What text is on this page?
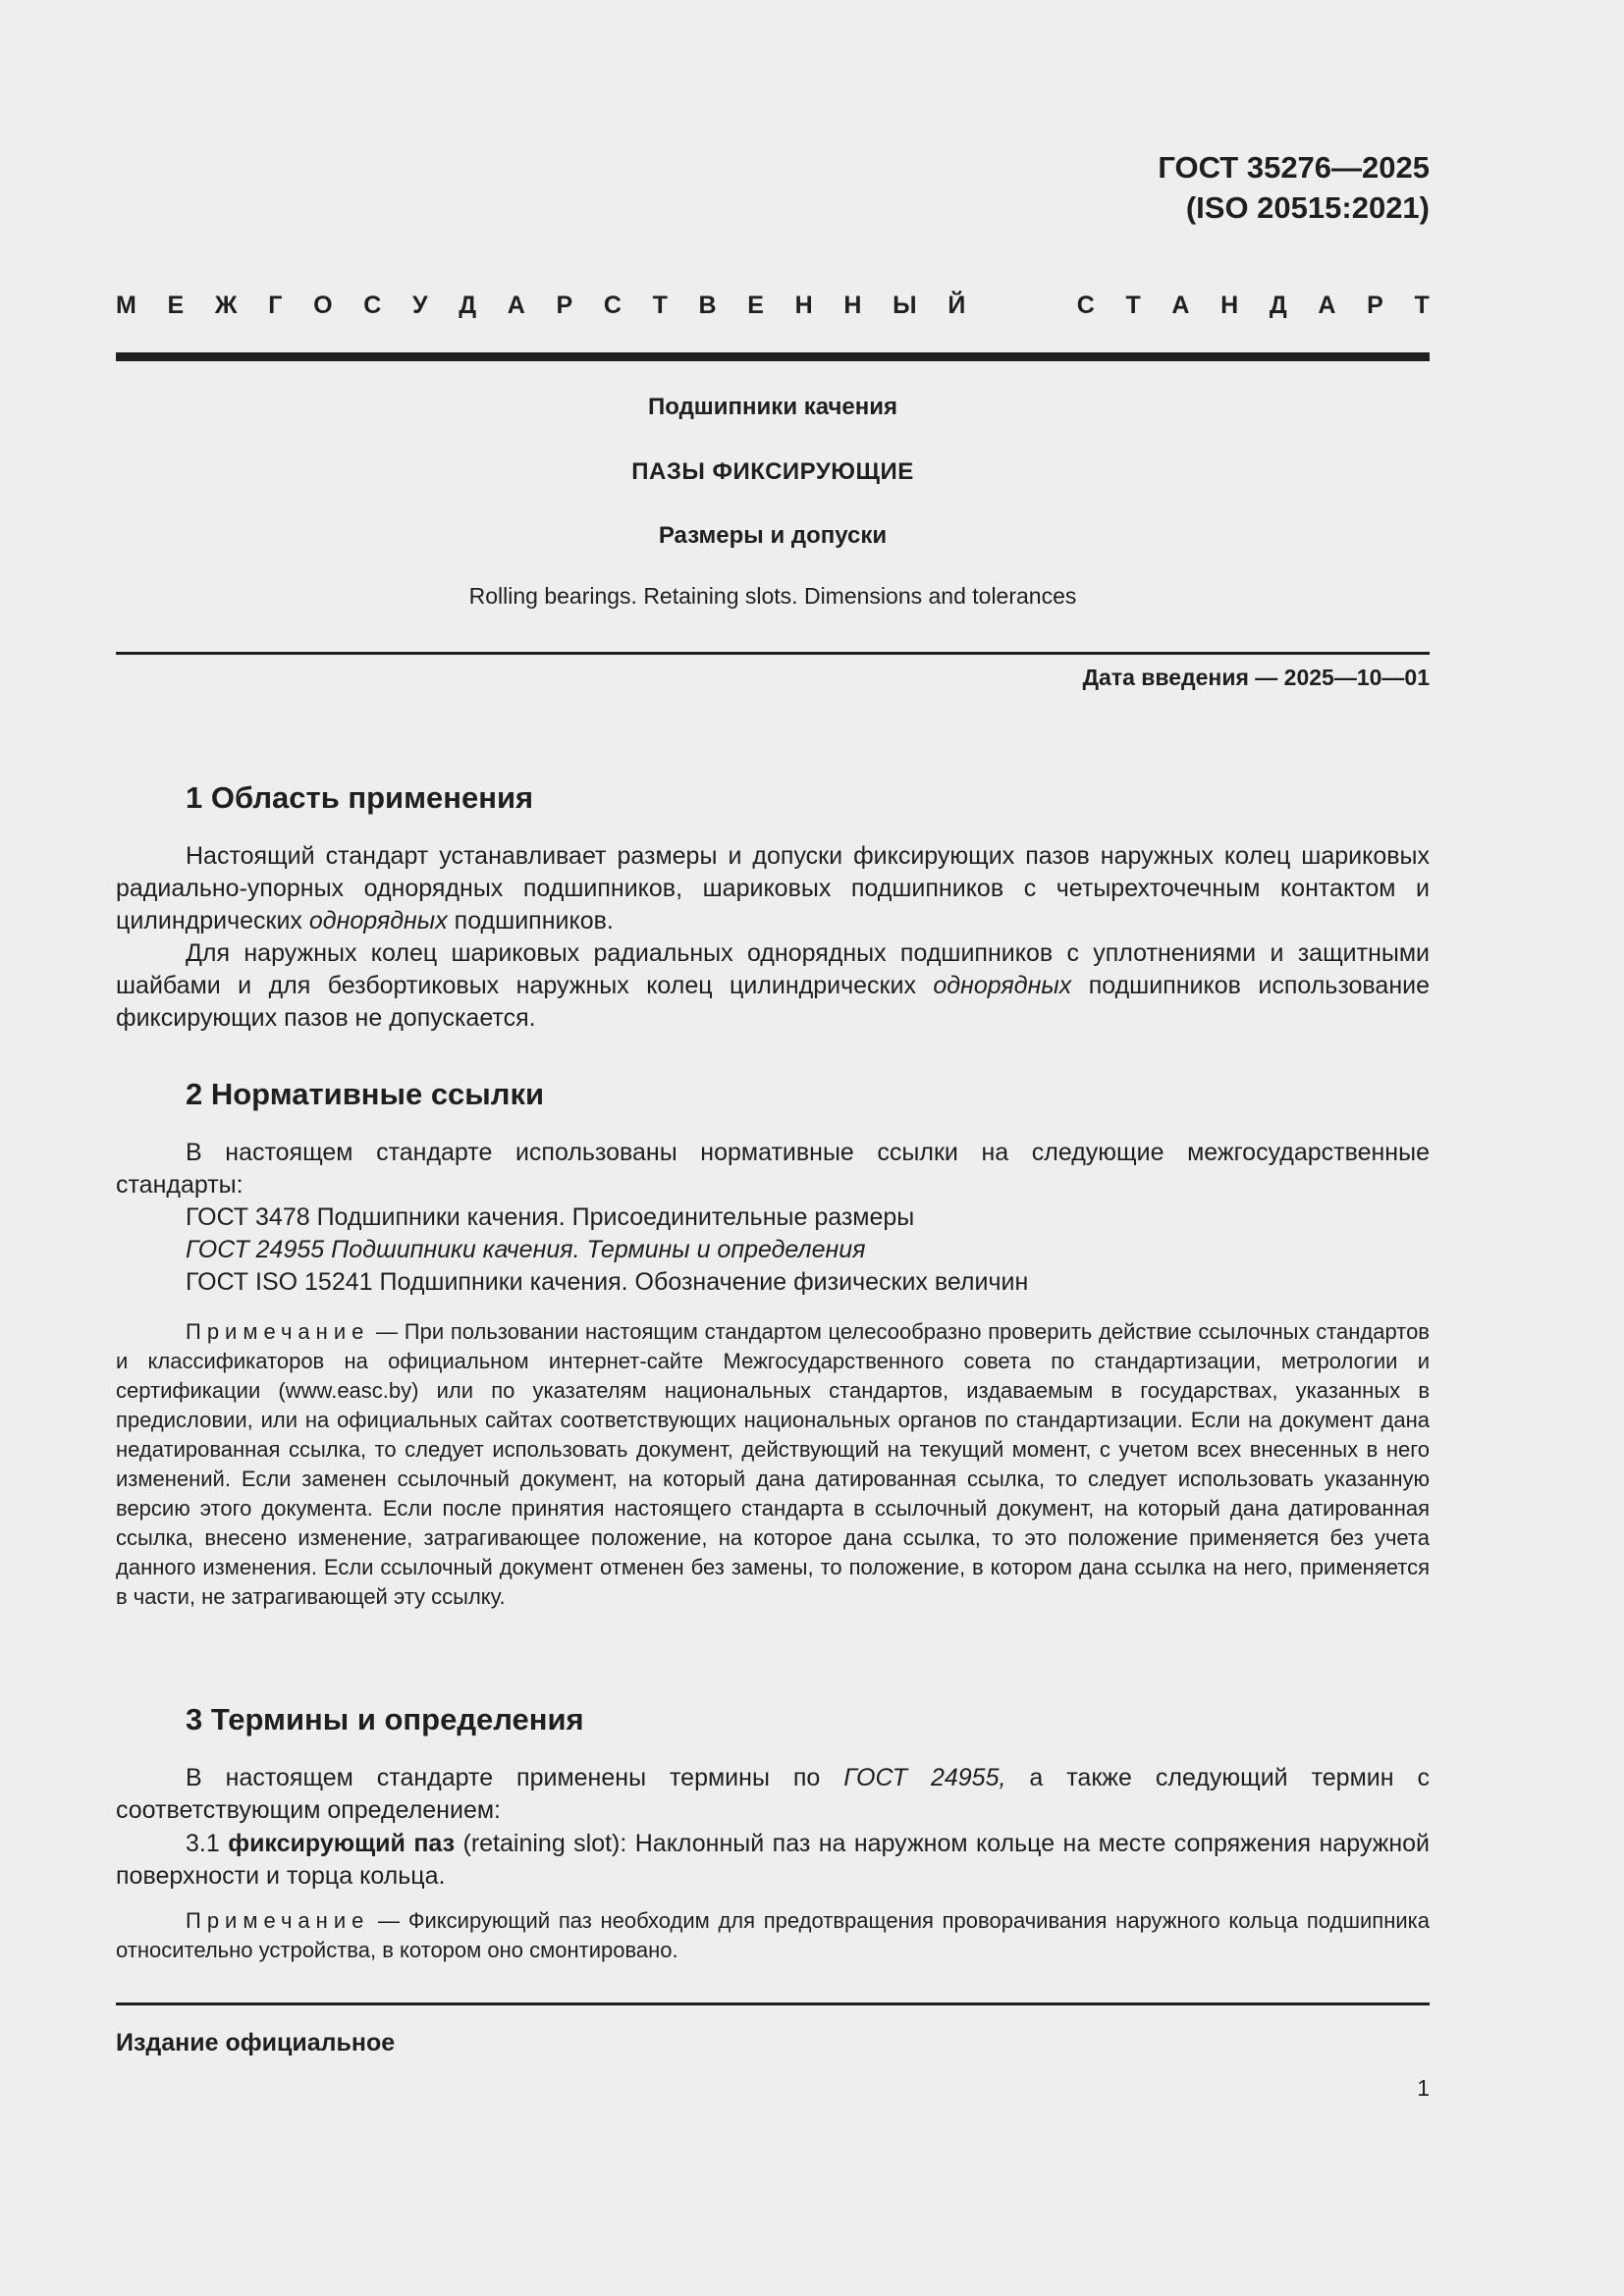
ГОСТ 35276—2025
(ISO 20515:2021)
М Е Ж Г О С У Д А Р С Т В Е Н Н Ы Й	С Т А Н Д А Р Т
Подшипники качения
ПАЗЫ ФИКСИРУЮЩИЕ
Размеры и допуски
Rolling bearings. Retaining slots. Dimensions and tolerances
Дата введения — 2025—10—01
1 Область применения

Настоящий стандарт устанавливает размеры и допуски фиксирующих пазов наружных колец шариковых радиально-упорных однорядных подшипников, шариковых подшипников с четырехточечным контактом и цилиндрических однорядных подшипников.

Для наружных колец шариковых радиальных однорядных подшипников с уплотнениями и защитными шайбами и для безбортиковых наружных колец цилиндрических однорядных подшипников использование фиксирующих пазов не допускается.

2 Нормативные ссылки

В настоящем стандарте использованы нормативные ссылки на следующие межгосударственные стандарты:

ГОСТ 3478 Подшипники качения. Присоединительные размеры
ГОСТ 24955 Подшипники качения. Термины и определения
ГОСТ ISO 15241 Подшипники качения. Обозначение физических величин

Примечание — При пользовании настоящим стандартом целесообразно проверить действие ссылочных стандартов и классификаторов на официальном интернет-сайте Межгосударственного совета по стандартизации, метрологии и сертификации (www.easc.by) или по указателям национальных стандартов, издаваемым в государствах, указанных в предисловии, или на официальных сайтах соответствующих национальных органов по стандартизации. Если на документ дана недатированная ссылка, то следует использовать документ, действующий на текущий момент, с учетом всех внесенных в него изменений. Если заменен ссылочный документ, на который дана датированная ссылка, то следует использовать указанную версию этого документа. Если после принятия настоящего стандарта в ссылочный документ, на который дана датированная ссылка, внесено изменение, затрагивающее положение, на которое дана ссылка, то это положение применяется без учета данного изменения. Если ссылочный документ отменен без замены, то положение, в котором дана ссылка на него, применяется в части, не затрагивающей эту ссылку.

3 Термины и определения

В настоящем стандарте применены термины по ГОСТ 24955, а также следующий термин с соответствующим определением:

3.1 фиксирующий паз (retaining slot): Наклонный паз на наружном кольце на месте сопряжения наружной поверхности и торца кольца.

Примечание — Фиксирующий паз необходим для предотвращения проворачивания наружного кольца подшипника относительно устройства, в котором оно смонтировано.

Издание официальное
1
